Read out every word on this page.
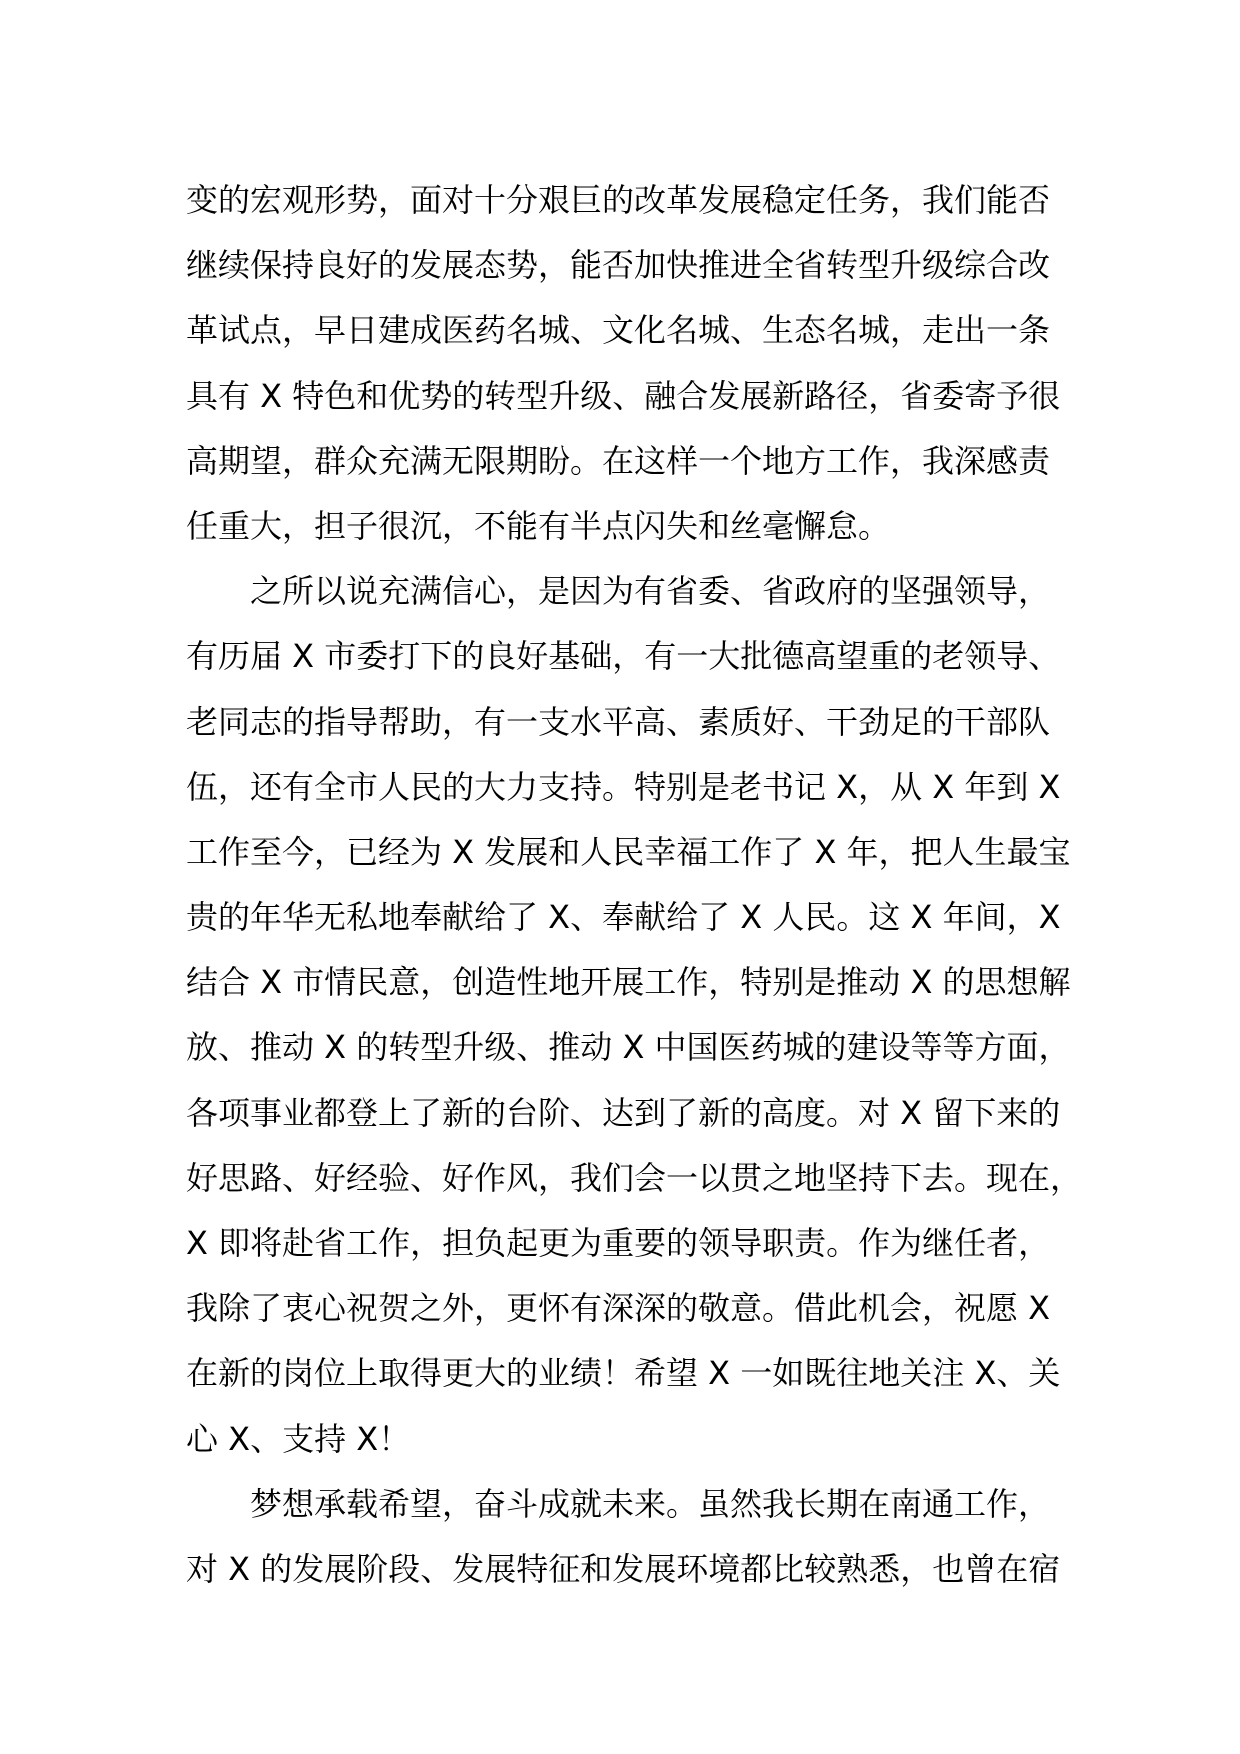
变的宏观形势，面对十分艰巨的改革发展稳定任务，我们能否
继续保持良好的发展态势，能否加快推进全省转型升级综合改
革试点，早日建成医药名城、文化名城、生态名城，走出一条
具有 X 特色和优势的转型升级、融合发展新路径，省委寄予很
高期望，群众充满无限期盼。在这样一个地方工作，我深感责
任重大，担子很沉，不能有半点闪失和丝毫懈怠。
之所以说充满信心，是因为有省委、省政府的坚强领导，
有历届 X 市委打下的良好基础，有一大批德高望重的老领导、
老同志的指导帮助，有一支水平高、素质好、干劲足的干部队
伍，还有全市人民的大力支持。特别是老书记 X，从 X 年到 X
工作至今，已经为 X 发展和人民幸福工作了 X 年，把人生最宝
贵的年华无私地奉献给了 X、奉献给了 X 人民。这 X 年间，X
结合 X 市情民意，创造性地开展工作，特别是推动 X 的思想解
放、推动 X 的转型升级、推动 X 中国医药城的建设等等方面，
各项事业都登上了新的台阶、达到了新的高度。对 X 留下来的
好思路、好经验、好作风，我们会一以贯之地坚持下去。现在，
X 即将赴省工作，担负起更为重要的领导职责。作为继任者，
我除了衷心祝贺之外，更怀有深深的敬意。借此机会，祝愿 X
在新的岗位上取得更大的业绩！希望 X 一如既往地关注 X、关
心 X、支持 X！
梦想承载希望，奋斗成就未来。虽然我长期在南通工作，
对 X 的发展阶段、发展特征和发展环境都比较熟悉，也曾在宿
